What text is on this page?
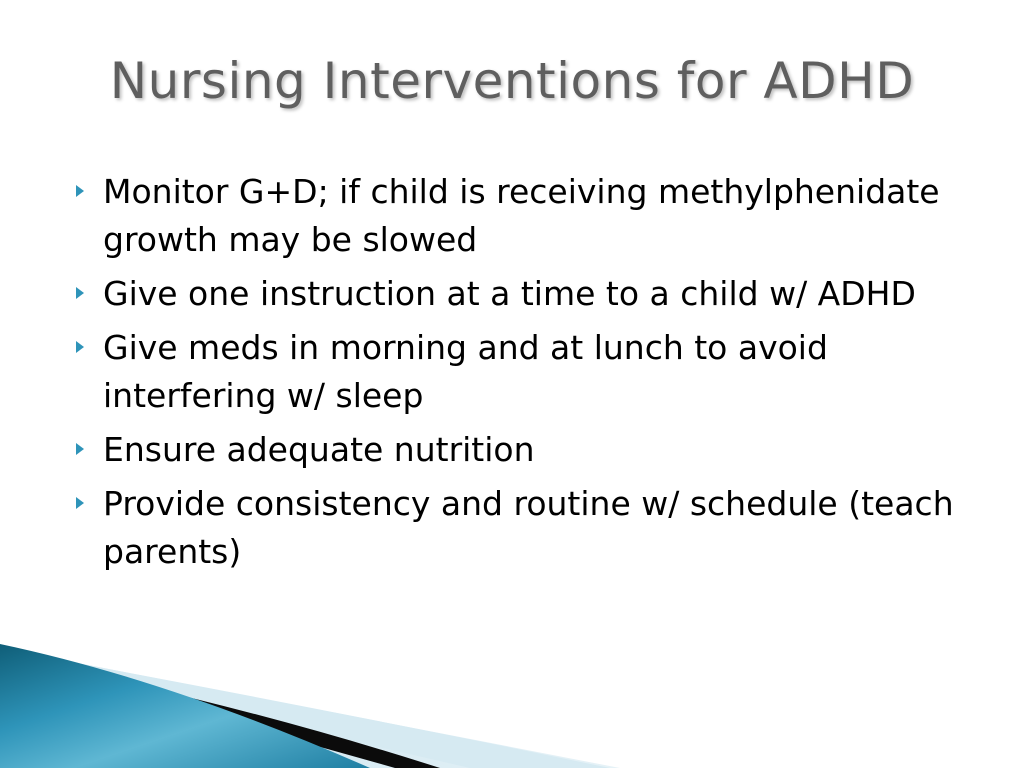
Nursing Interventions for ADHD
Monitor G+D; if child is receiving methylphenidate growth may be slowed
Give one instruction at a time to a child w/ ADHD
Give meds in morning and at lunch to avoid interfering w/ sleep
Ensure adequate nutrition
Provide consistency and routine w/ schedule (teach parents)
